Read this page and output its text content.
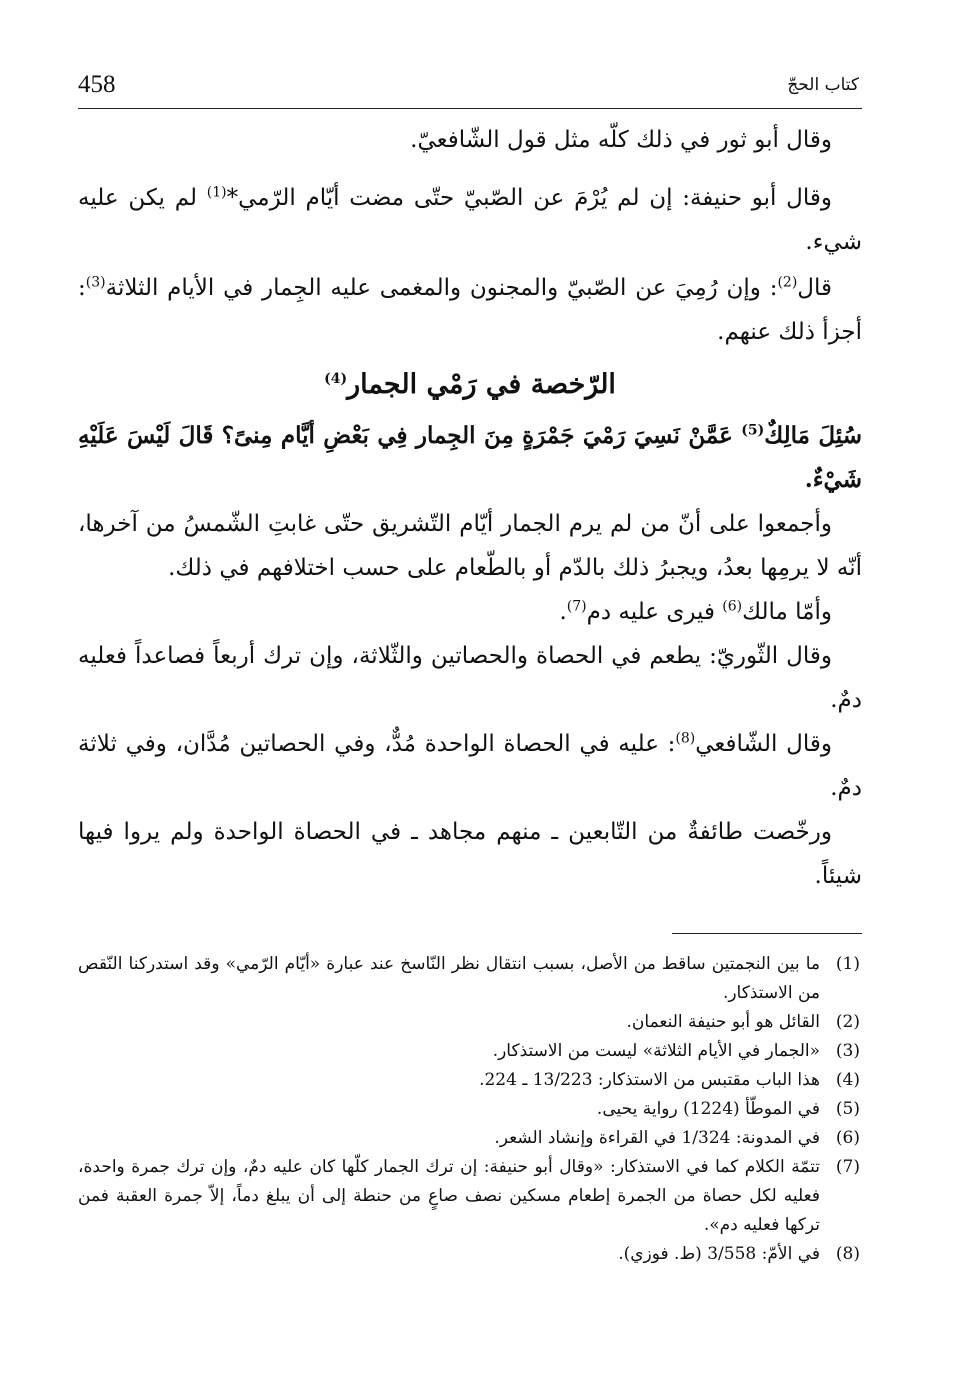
458	كتاب الحجّ

وقال أبو ثور في ذلك كلّه مثل قول الشّافعيّ.

وقال أبو حنيفة: إن لم يُرْمَ عن الصّبيّ حتّى مضت أيّام الرّمي*$^{(1)}$ لم يكن عليه شيء.

قال$^{(2)}$: وإن رُمِيَ عن الصّبيّ والمجنون والمغمى عليه الجِمار في الأيام الثلاثة$^{(3)}$: أجزأ ذلك عنهم.

الرّخصة في رَمْي الجمار$^{(4)}$

سُئِلَ مَالِكٌ$^{(5)}$ عَمَّنْ نَسِيَ رَمْيَ جَمْرَةٍ مِنَ الجِمار فِي بَعْضِ أيَّام مِنىً؟ قَالَ لَيْسَ عَلَيْهِ شَيْءٌ.

وأجمعوا على أنّ من لم يرم الجمار أيّام التّشريق حتّى غابتِ الشّمسُ من آخرها، أنّه لا يرمِها بعدُ، ويجبرُ ذلك بالدّم أو بالطّعام على حسب اختلافهم في ذلك.

وأمّا مالك$^{(6)}$ فيرى عليه دم$^{(7)}$.

وقال الثّوريّ: يطعم في الحصاة والحصاتين والثّلاثة، وإن ترك أربعاً فصاعداً فعليه دمٌ.

وقال الشّافعي$^{(8)}$: عليه في الحصاة الواحدة مُدٌّ، وفي الحصاتين مُدَّان، وفي ثلاثة دمٌ.

ورخّصت طائفةٌ من التّابعين ـ منهم مجاهد ـ في الحصاة الواحدة ولم يروا فيها شيئاً.

(1)
ما بين النجمتين ساقط من الأصل، بسبب انتقال نظر النّاسخ عند عبارة «أيّام الرّمي» وقد استدركنا النّقص من الاستذكار.
(2)
القائل هو أبو حنيفة النعمان.
(3)
«الجمار في الأيام الثلاثة» ليست من الاستذكار.
(4)
هذا الباب مقتبس من الاستذكار: 13/223 ـ 224.
(5)
في الموطّأ (1224) رواية يحيى.
(6)
في المدونة: 1/324 في القراءة وإنشاد الشعر.
(7)
تتمّة الكلام كما في الاستذكار: «وقال أبو حنيفة: إن ترك الجمار كلّها كان عليه دمٌ، وإن ترك جمرة واحدة، فعليه لكل حصاة من الجمرة إطعام مسكين نصف صاعٍ من حنطة إلى أن يبلغ دماً، إلاّ جمرة العقبة فمن تركها فعليه دم».
(8)
في الأمّ: 3/558 (ط. فوزي).
